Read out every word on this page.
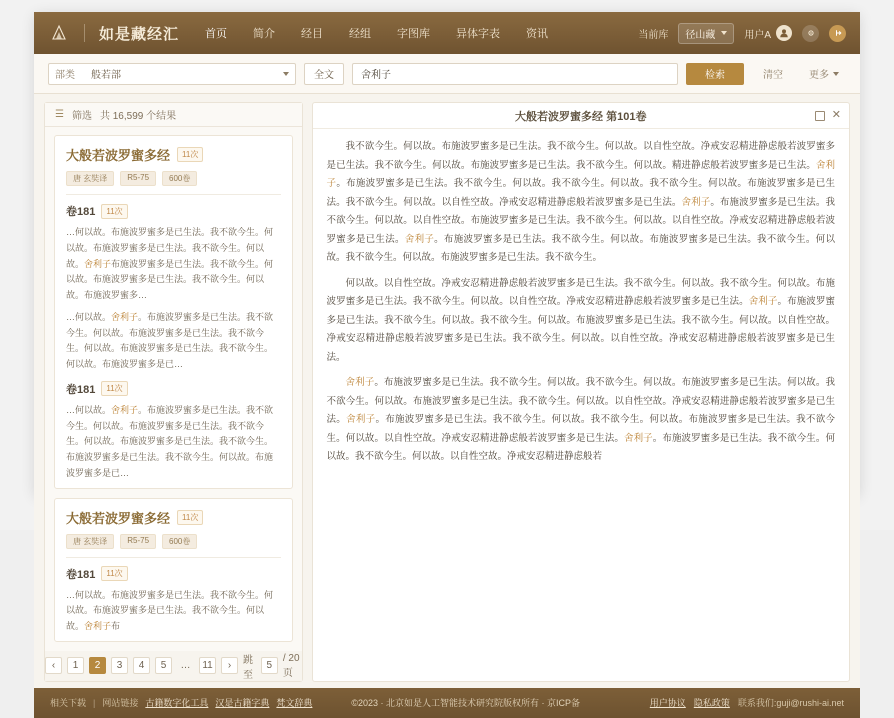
如是藏经汇 首页 简介 经目 经组 字图库 异体字表 资讯	当前库 径山藏	用户A
部类 般若部	全文	舍利子	检索	清空	更多
☰ 筛选 共 16,599 个结果
大般若波罗蜜多经	11次
唐 玄奘译	R5-75	600卷
卷181	11次
…何以故。布施波罗蜜多是已生法。我不欲今生。何以故。布施波罗蜜多是已生法。我不欲今生。何以故。舍利子布施波罗蜜多是已生法。我不欲今生。何以故。布施波罗蜜多是已生法。我不欲今生。何以故。布施波罗蜜多…
…何以故。舍利子。布施波罗蜜多是已生法。我不欲今生。何以故。布施波罗蜜多是已生法。我不欲今生。何以故。布施波罗蜜多是已生法。我不欲今生。何以故。布施波罗蜜多是已…
卷181	11次
…何以故。舍利子。布施波罗蜜多是已生法。我不欲今生。何以故。布施波罗蜜多是已生法。我不欲今生。何以故。布施波罗蜜多是已生法。我不欲今生。布施波罗蜜多是已生法。我不欲今生。何以故。布施波罗蜜多是已…
大般若波罗蜜多经	11次
唐 玄奘译	R5-75	600卷
卷181	11次
…何以故。布施波罗蜜多是已生法。我不欲今生。何以故。布施波罗蜜多是已生法。我不欲今生。何以故。舍利子布
‹	1	2	3	4	5	…	11	›	跳至
5
/ 20 页
大般若波罗蜜多经 第101卷	✕

我不欲今生。何以故。布施波罗蜜多是已生法。我不欲今生。何以故。以自性空故。净戒安忍精进静虑般若波罗蜜多是已生法。我不欲今生。何以故。布施波罗蜜多是已生法。我不欲今生。何以故。精进静虑般若波罗蜜多是已生法。舍利子。布施波罗蜜多是已生法。我不欲今生。何以故。我不欲今生。何以故。我不欲今生。何以故。布施波罗蜜多是已生法。我不欲今生。何以故。以自性空故。净戒安忍精进静虑般若波罗蜜多是已生法。舍利子。布施波罗蜜多是已生法。我不欲今生。何以故。以自性空故。布施波罗蜜多是已生法。我不欲今生。何以故。以自性空故。净戒安忍精进静虑般若波罗蜜多是已生法。舍利子。布施波罗蜜多是已生法。我不欲今生。何以故。布施波罗蜜多是已生法。我不欲今生。何以故。我不欲今生。何以故。布施波罗蜜多是已生法。我不欲今生。

何以故。以自性空故。净戒安忍精进静虑般若波罗蜜多是已生法。我不欲今生。何以故。我不欲今生。何以故。布施波罗蜜多是已生法。我不欲今生。何以故。以自性空故。净戒安忍精进静虑般若波罗蜜多是已生法。舍利子。布施波罗蜜多是已生法。我不欲今生。何以故。我不欲今生。何以故。布施波罗蜜多是已生法。我不欲今生。何以故。以自性空故。净戒安忍精进静虑般若波罗蜜多是已生法。我不欲今生。何以故。以自性空故。净戒安忍精进静虑般若波罗蜜多是已生法。

舍利子。布施波罗蜜多是已生法。我不欲今生。何以故。我不欲今生。何以故。布施波罗蜜多是已生法。何以故。我不欲今生。何以故。布施波罗蜜多是已生法。我不欲今生。何以故。以自性空故。净戒安忍精进静虑般若波罗蜜多是已生法。舍利子。布施波罗蜜多是已生法。我不欲今生。何以故。我不欲今生。何以故。布施波罗蜜多是已生法。我不欲今生。何以故。以自性空故。净戒安忍精进静虑般若波罗蜜多是已生法。舍利子。布施波罗蜜多是已生法。我不欲今生。何以故。我不欲今生。何以故。以自性空故。净戒安忍精进静虑般若

相关下载 | 网站链接 古籍数字化工具 汉是古籍字典 梵文辞典	©2023 · 北京如是人工智能技术研究院版权所有 · 京ICP备	用户协议 隐私政策 联系我们:guji@rushi-ai.net
